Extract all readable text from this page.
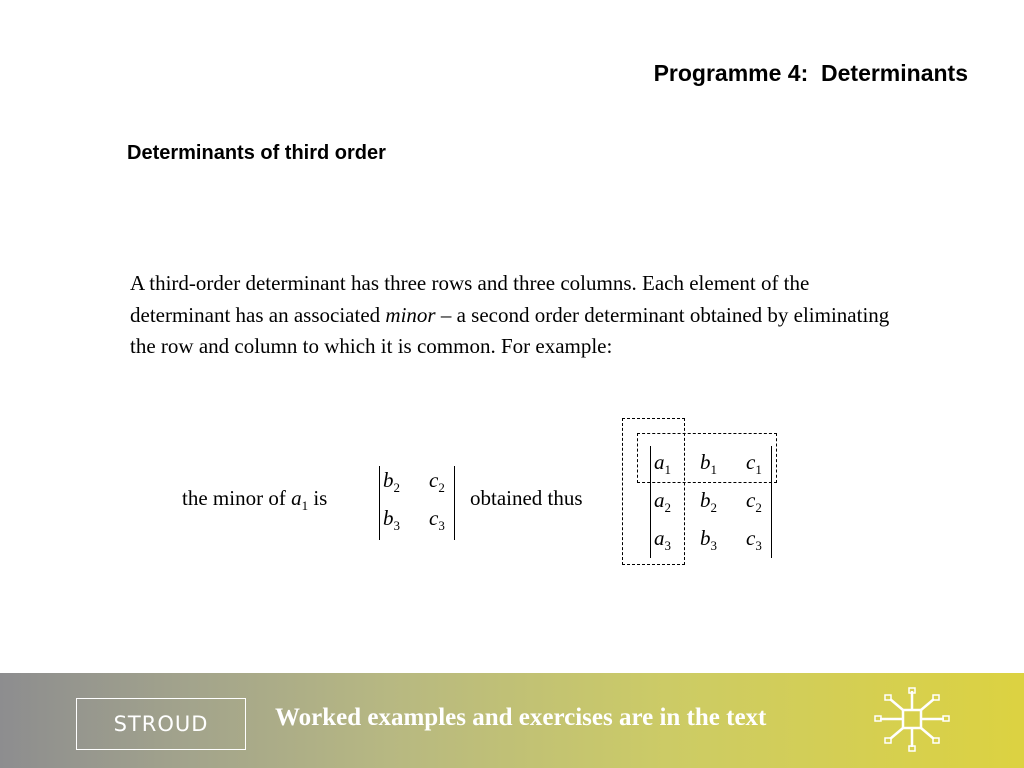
Programme 4:  Determinants
Determinants of third order
A third-order determinant has three rows and three columns. Each element of the determinant has an associated minor – a second order determinant obtained by eliminating the row and column to which it is common. For example:
the minor of $a_1$ is
$b_2$ $c_2$
$b_3$ $c_3$
obtained thus
$a_1$ $b_1$ $c_1$
$a_2$ $b_2$ $c_2$
$a_3$ $b_3$ $c_3$
STROUD	Worked examples and exercises are in the text
